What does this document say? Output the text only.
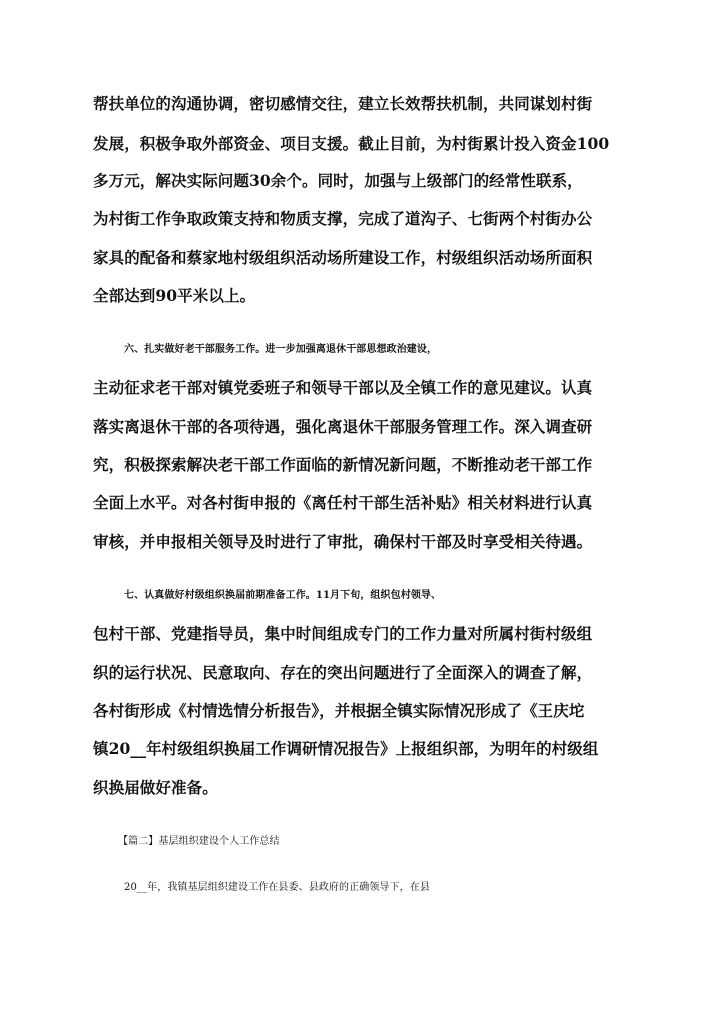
帮扶单位的沟通协调，密切感情交往，建立长效帮扶机制，共同谋划村街
发展，积极争取外部资金、项目支援。截止目前，为村街累计投入资金100
多万元，解决实际问题30余个。同时，加强与上级部门的经常性联系，
为村街工作争取政策支持和物质支撑，完成了道沟子、七街两个村街办公
家具的配备和蔡家地村级组织活动场所建设工作，村级组织活动场所面积
全部达到90平米以上。
六、扎实做好老干部服务工作。进一步加强离退休干部思想政治建设，
主动征求老干部对镇党委班子和领导干部以及全镇工作的意见建议。认真
落实离退休干部的各项待遇，强化离退休干部服务管理工作。深入调查研
究，积极探索解决老干部工作面临的新情况新问题，不断推动老干部工作
全面上水平。对各村街申报的《离任村干部生活补贴》相关材料进行认真
审核，并申报相关领导及时进行了审批，确保村干部及时享受相关待遇。
七、认真做好村级组织换届前期准备工作。11月下旬，组织包村领导、
包村干部、党建指导员，集中时间组成专门的工作力量对所属村街村级组
织的运行状况、民意取向、存在的突出问题进行了全面深入的调查了解，
各村街形成《村情选情分析报告》，并根据全镇实际情况形成了《王庆坨
镇20__年村级组织换届工作调研情况报告》上报组织部，为明年的村级组
织换届做好准备。
【篇二】基层组织建设个人工作总结
20__年，我镇基层组织建设工作在县委、县政府的正确领导下，在县
